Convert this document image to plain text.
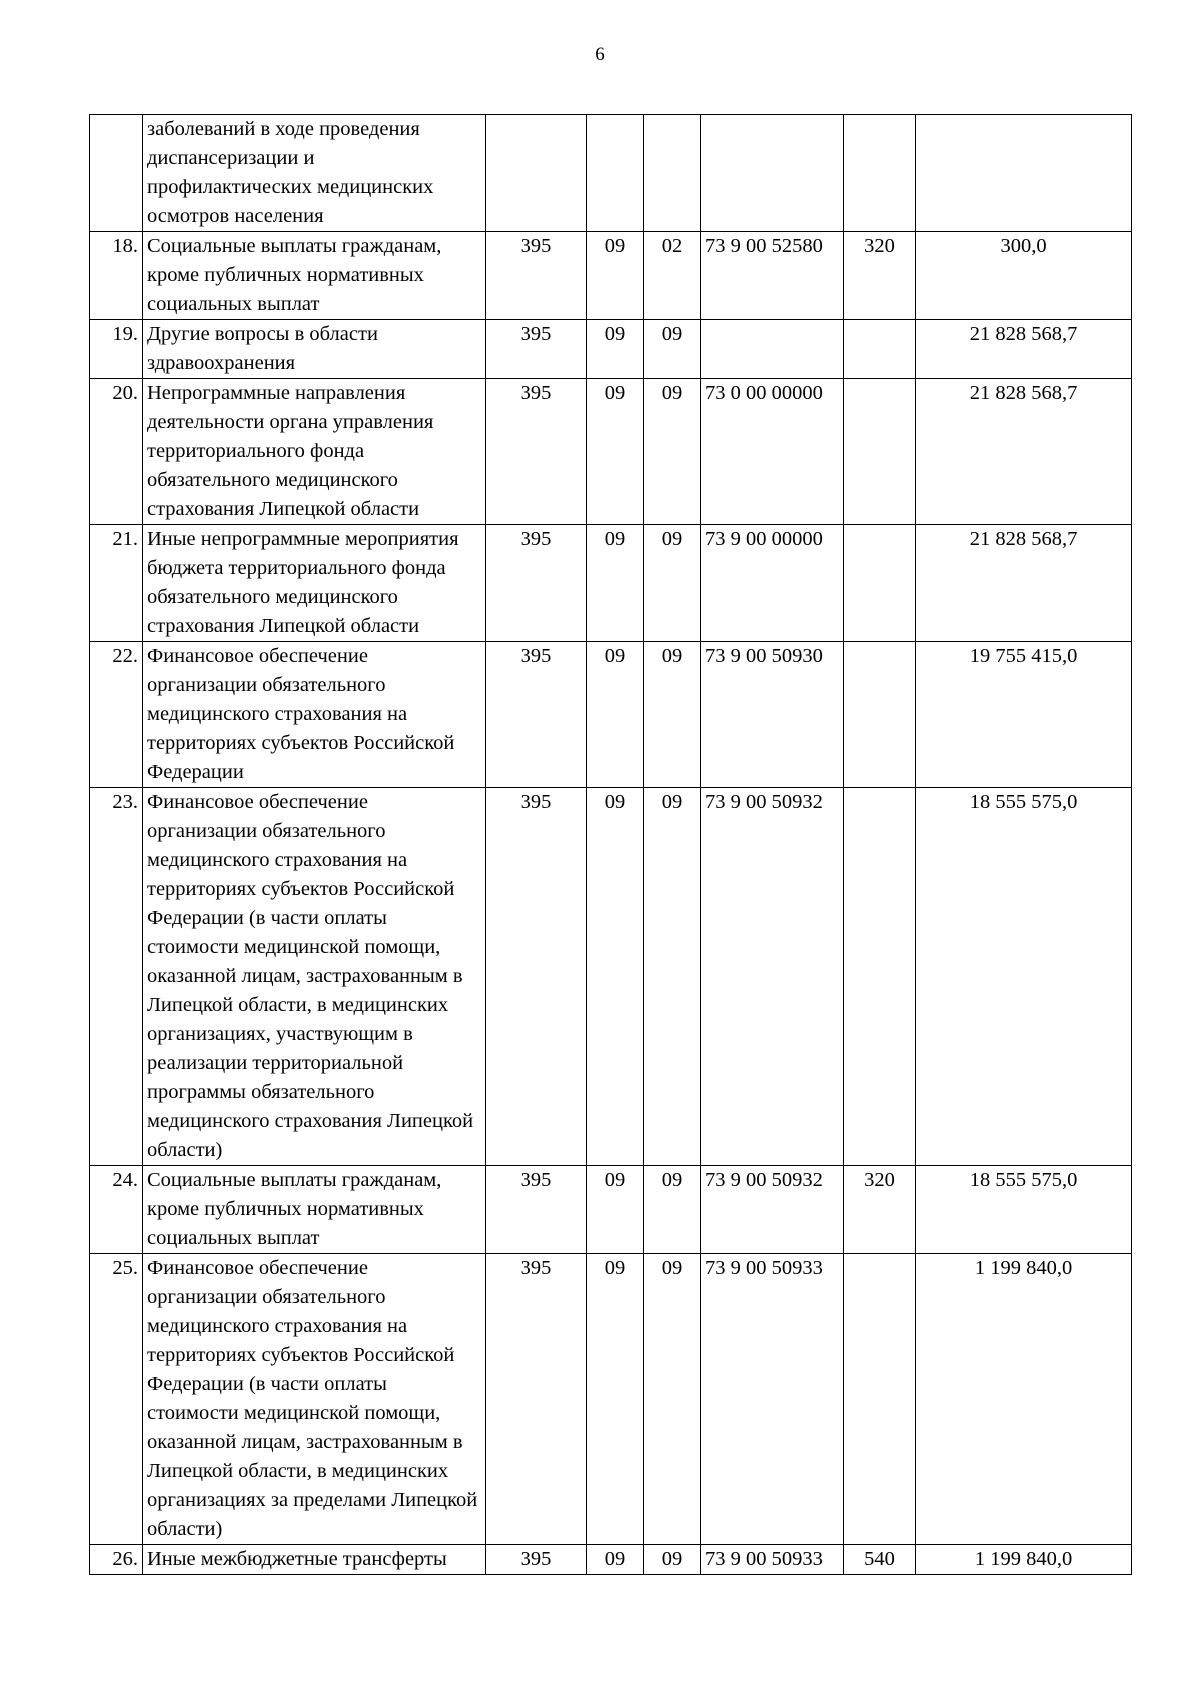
6
	заболеваний в ходе проведения диспансеризации и профилактических медицинских осмотров населения						
18.	Социальные выплаты гражданам, кроме публичных нормативных социальных выплат	395	09	02	73 9 00 52580	320	300,0
19.	Другие вопросы в области здравоохранения	395	09	09			21 828 568,7
20.	Непрограммные направления деятельности органа управления территориального фонда обязательного медицинского страхования Липецкой области	395	09	09	73 0 00 00000		21 828 568,7
21.	Иные непрограммные мероприятия бюджета территориального фонда обязательного медицинского страхования Липецкой области	395	09	09	73 9 00 00000		21 828 568,7
22.	Финансовое обеспечение организации обязательного медицинского страхования на территориях субъектов Российской Федерации	395	09	09	73 9 00 50930		19 755 415,0
23.	Финансовое обеспечение организации обязательного медицинского страхования на территориях субъектов Российской Федерации (в части оплаты стоимости медицинской помощи, оказанной лицам, застрахованным в Липецкой области, в медицинских организациях, участвующим в реализации территориальной программы обязательного медицинского страхования Липецкой области)	395	09	09	73 9 00 50932		18 555 575,0
24.	Социальные выплаты гражданам, кроме публичных нормативных социальных выплат	395	09	09	73 9 00 50932	320	18 555 575,0
25.	Финансовое обеспечение организации обязательного медицинского страхования на территориях субъектов Российской Федерации (в части оплаты стоимости медицинской помощи, оказанной лицам, застрахованным в Липецкой области, в медицинских организациях за пределами Липецкой области)	395	09	09	73 9 00 50933		1 199 840,0
26.	Иные межбюджетные трансферты	395	09	09	73 9 00 50933	540	1 199 840,0
